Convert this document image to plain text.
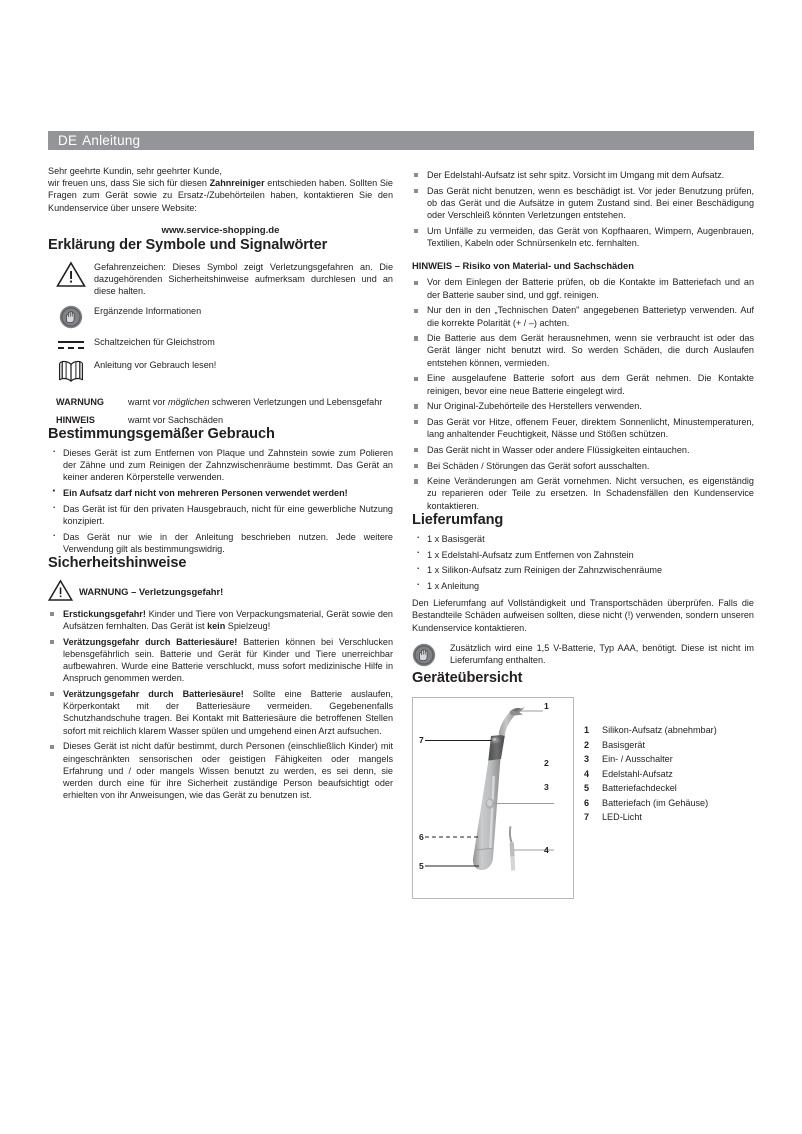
DE Anleitung

Sehr geehrte Kundin, sehr geehrter Kunde,

wir freuen uns, dass Sie sich für diesen Zahnreiniger entschieden haben. Sollten Sie Fragen zum Gerät sowie zu Ersatz-/Zubehörteilen haben, kontaktieren Sie den Kundenservice über unsere Website:

www.service-shopping.de

Erklärung der Symbole und Signalwörter
Gefahrenzeichen: Dieses Symbol zeigt Verletzungsgefahren an. Die dazugehörenden Sicherheitshinweise aufmerksam durchlesen und an diese halten.
Ergänzende Informationen
Schaltzeichen für Gleichstrom
Anleitung vor Gebrauch lesen!
WARNUNG	warnt vor möglichen schweren Verletzungen und Lebensgefahr
HINWEIS	warnt vor Sachschäden
Bestimmungsgemäßer Gebrauch
· Dieses Gerät ist zum Entfernen von Plaque und Zahnstein sowie zum Polieren der Zähne und zum Reinigen der Zahnzwischenräume bestimmt. Das Gerät an keiner anderen Körperstelle verwenden.
· Ein Aufsatz darf nicht von mehreren Personen verwendet werden!
· Das Gerät ist für den privaten Hausgebrauch, nicht für eine gewerbliche Nutzung konzipiert.
· Das Gerät nur wie in der Anleitung beschrieben nutzen. Jede weitere Verwendung gilt als bestimmungswidrig.
Sicherheitshinweise
WARNUNG – Verletzungsgefahr!
Erstickungsgefahr! Kinder und Tiere von Verpackungsmaterial, Gerät sowie den Aufsätzen fernhalten. Das Gerät ist kein Spielzeug!
Verätzungsgefahr durch Batteriesäure! Batterien können bei Verschlucken lebensgefährlich sein. Batterie und Gerät für Kinder und Tiere unerreichbar aufbewahren. Wurde eine Batterie verschluckt, muss sofort medizinische Hilfe in Anspruch genommen werden.
Verätzungsgefahr durch Batteriesäure! Sollte eine Batterie auslaufen, Körperkontakt mit der Batteriesäure vermeiden. Gegebenenfalls Schutzhandschuhe tragen. Bei Kontakt mit Batteriesäure die betroffenen Stellen sofort mit reichlich klarem Wasser spülen und umgehend einen Arzt aufsuchen.
Dieses Gerät ist nicht dafür bestimmt, durch Personen (einschließlich Kinder) mit eingeschränkten sensorischen oder geistigen Fähigkeiten oder mangels Erfahrung und / oder mangels Wissen benutzt zu werden, es sei denn, sie werden durch eine für ihre Sicherheit zuständige Person beaufsichtigt oder erhielten von ihr Anweisungen, wie das Gerät zu benutzen ist.
Der Edelstahl-Aufsatz ist sehr spitz. Vorsicht im Umgang mit dem Aufsatz.
Das Gerät nicht benutzen, wenn es beschädigt ist. Vor jeder Benutzung prüfen, ob das Gerät und die Aufsätze in gutem Zustand sind. Bei einer Beschädigung oder Verschleiß könnten Verletzungen entstehen.
Um Unfälle zu vermeiden, das Gerät von Kopfhaaren, Wimpern, Augenbrauen, Textilien, Kabeln oder Schnürsenkeln etc. fernhalten.

HINWEIS – Risiko von Material- und Sachschäden

Vor dem Einlegen der Batterie prüfen, ob die Kontakte im Batteriefach und an der Batterie sauber sind, und ggf. reinigen.
Nur den in den „Technischen Daten" angegebenen Batterietyp verwenden. Auf die korrekte Polarität (+ / –) achten.
Die Batterie aus dem Gerät herausnehmen, wenn sie verbraucht ist oder das Gerät länger nicht benutzt wird. So werden Schäden, die durch Auslaufen entstehen können, vermieden.
Eine ausgelaufene Batterie sofort aus dem Gerät nehmen. Die Kontakte reinigen, bevor eine neue Batterie eingelegt wird.
Nur Original-Zubehörteile des Herstellers verwenden.
Das Gerät vor Hitze, offenem Feuer, direktem Sonnenlicht, Minustemperaturen, lang anhaltender Feuchtigkeit, Nässe und Stößen schützen.
Das Gerät nicht in Wasser oder andere Flüssigkeiten eintauchen.
Bei Schäden / Störungen das Gerät sofort ausschalten.
Keine Veränderungen am Gerät vornehmen. Nicht versuchen, es eigenständig zu reparieren oder Teile zu ersetzen. In Schadensfällen den Kundenservice kontaktieren.
Lieferumfang
· 1 x Basisgerät
· 1 x Edelstahl-Aufsatz zum Entfernen von Zahnstein
· 1 x Silikon-Aufsatz zum Reinigen der Zahnzwischenräume
· 1 x Anleitung

Den Lieferumfang auf Vollständigkeit und Transportschäden überprüfen. Falls die Bestandteile Schäden aufweisen sollten, diese nicht (!) verwenden, sondern unseren Kundenservice kontaktieren.

Zusätzlich wird eine 1,5 V-Batterie, Typ AAA, benötigt. Diese ist nicht im Lieferumfang enthalten.
Geräteübersicht
1
2
3
4
5
6
7
1	Silikon-Aufsatz (abnehmbar)
2	Basisgerät
3	Ein- / Ausschalter
4	Edelstahl-Aufsatz
5	Batteriefachdeckel
6	Batteriefach (im Gehäuse)
7	LED-Licht
